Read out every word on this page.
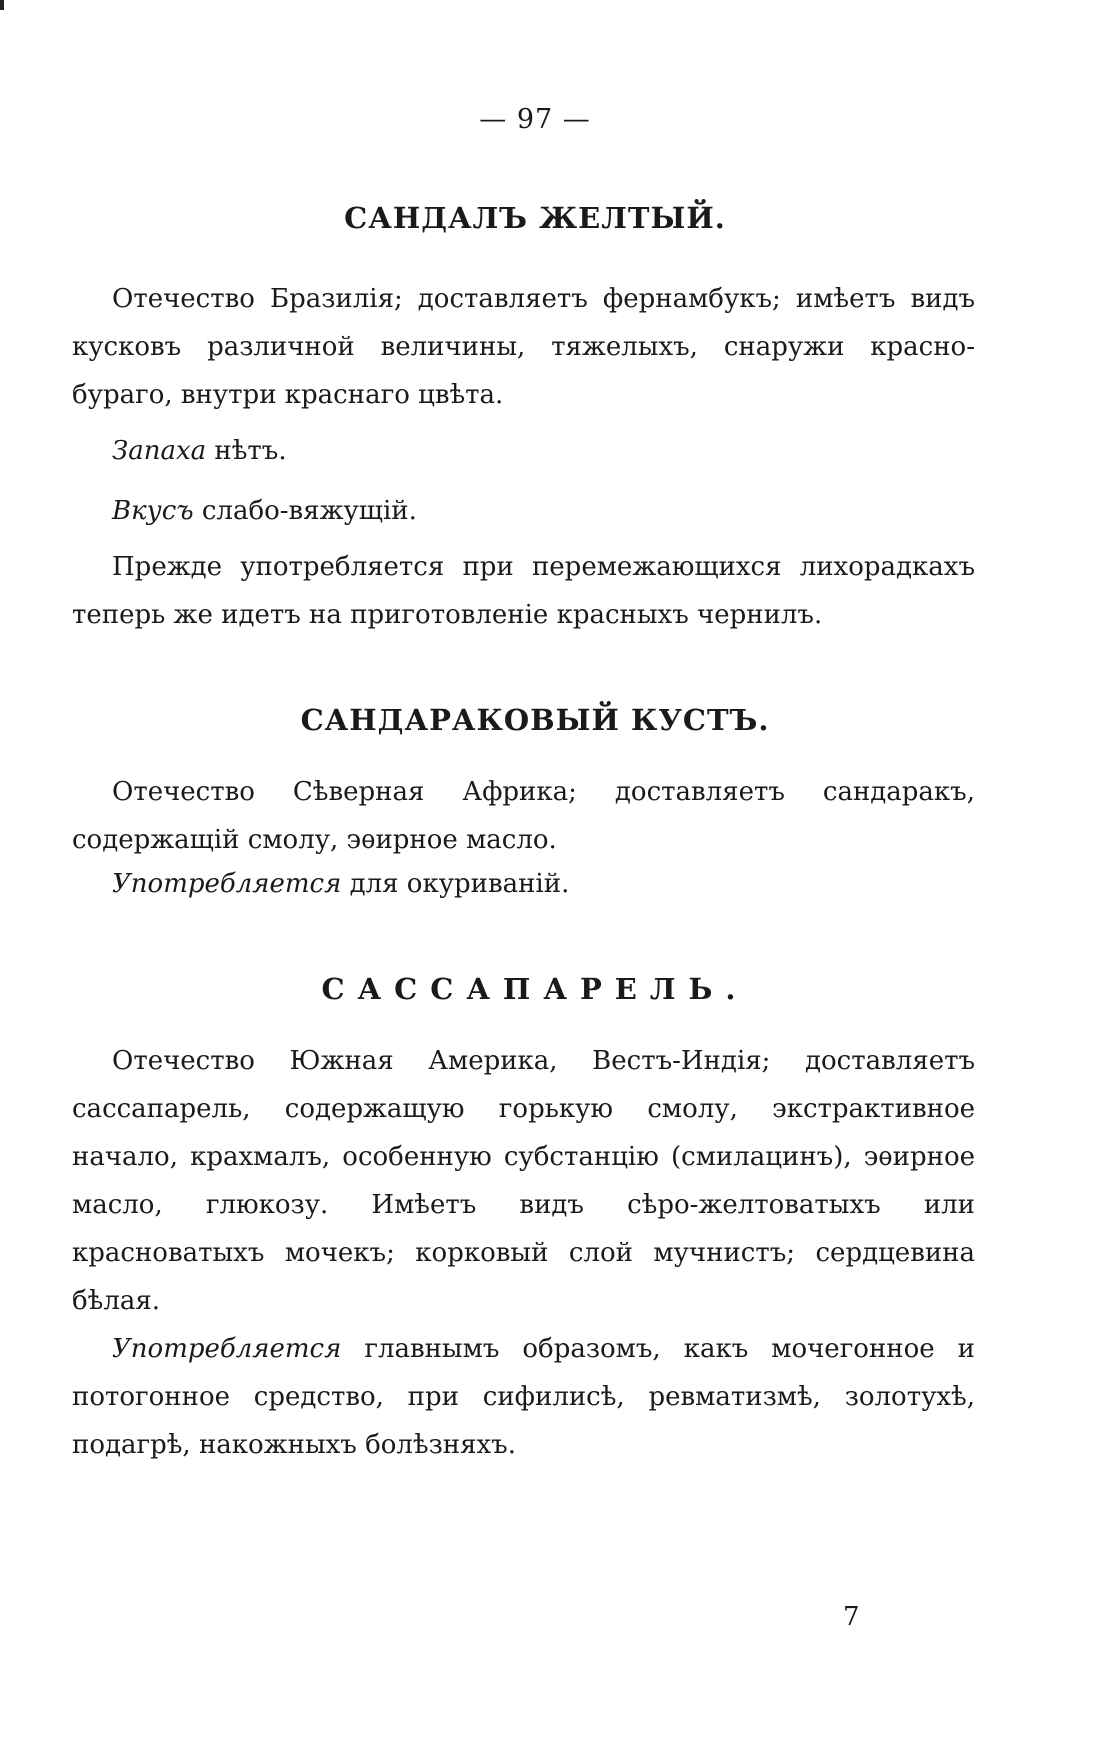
— 97 —
САНДАЛЪ ЖЕЛТЫЙ.

Отечество Бразилія; доставляетъ фернамбукъ; имѣетъ видъ кусковъ различной величины, тяжелыхъ, снаружи красно-бураго, внутри краснаго цвѣта.

Запаха нѣтъ.

Вкусъ слабо-вяжущій.

Прежде употребляется при перемежающихся лихорадкахъ теперь же идетъ на приготовленіе красныхъ чернилъ.

САНДАРАКОВЫЙ КУСТЪ.

Отечество Сѣверная Африка; доставляетъ сандаракъ, содержащій смолу, эѳирное масло.

Употребляется для окуриваній.

САССАПАРЕЛЬ.

Отечество Южная Америка, Вестъ-Индія; доставляетъ сассапарель, содержащую горькую смолу, экстрактивное начало, крахмалъ, особенную субстанцію (смилацинъ), эѳирное масло, глюкозу. Имѣетъ видъ сѣро-желтоватыхъ или красноватыхъ мочекъ; корковый слой мучнистъ; сердцевина бѣлая.

Употребляется главнымъ образомъ, какъ мочегонное и потогонное средство, при сифилисѣ, ревматизмѣ, золотухѣ, подагрѣ, накожныхъ болѣзняхъ.

7
